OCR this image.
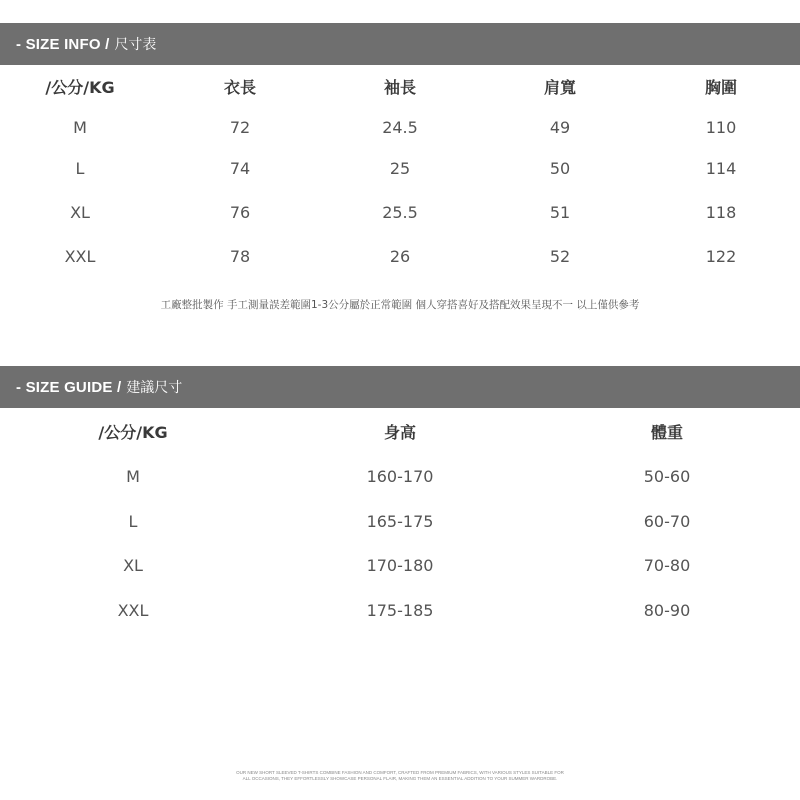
- SIZE INFO / 尺寸表
/公分/KG	衣長	袖長	肩寬	胸圍
M	72	24.5	49	110
L	74	25	50	114
XL	76	25.5	51	118
XXL	78	26	52	122
工廠整批製作 手工測量誤差範圍1-3公分屬於正常範圍 個人穿搭喜好及搭配效果呈現不一 以上僅供參考
- SIZE GUIDE / 建議尺寸
/公分/KG	身高	體重
M	160-170	50-60
L	165-175	60-70
XL	170-180	70-80
XXL	175-185	80-90
OUR NEW SHORT SLEEVED T-SHIRTS COMBINE FASHION AND COMFORT, CRAFTED FROM PREMIUM FABRICS, WITH VARIOUS STYLES SUITABLE FOR
ALL OCCASIONS, THEY EFFORTLESSLY SHOWCASE PERSONAL FLAIR, MAKING THEM AN ESSENTIAL ADDITION TO YOUR SUMMER WARDROBE.
